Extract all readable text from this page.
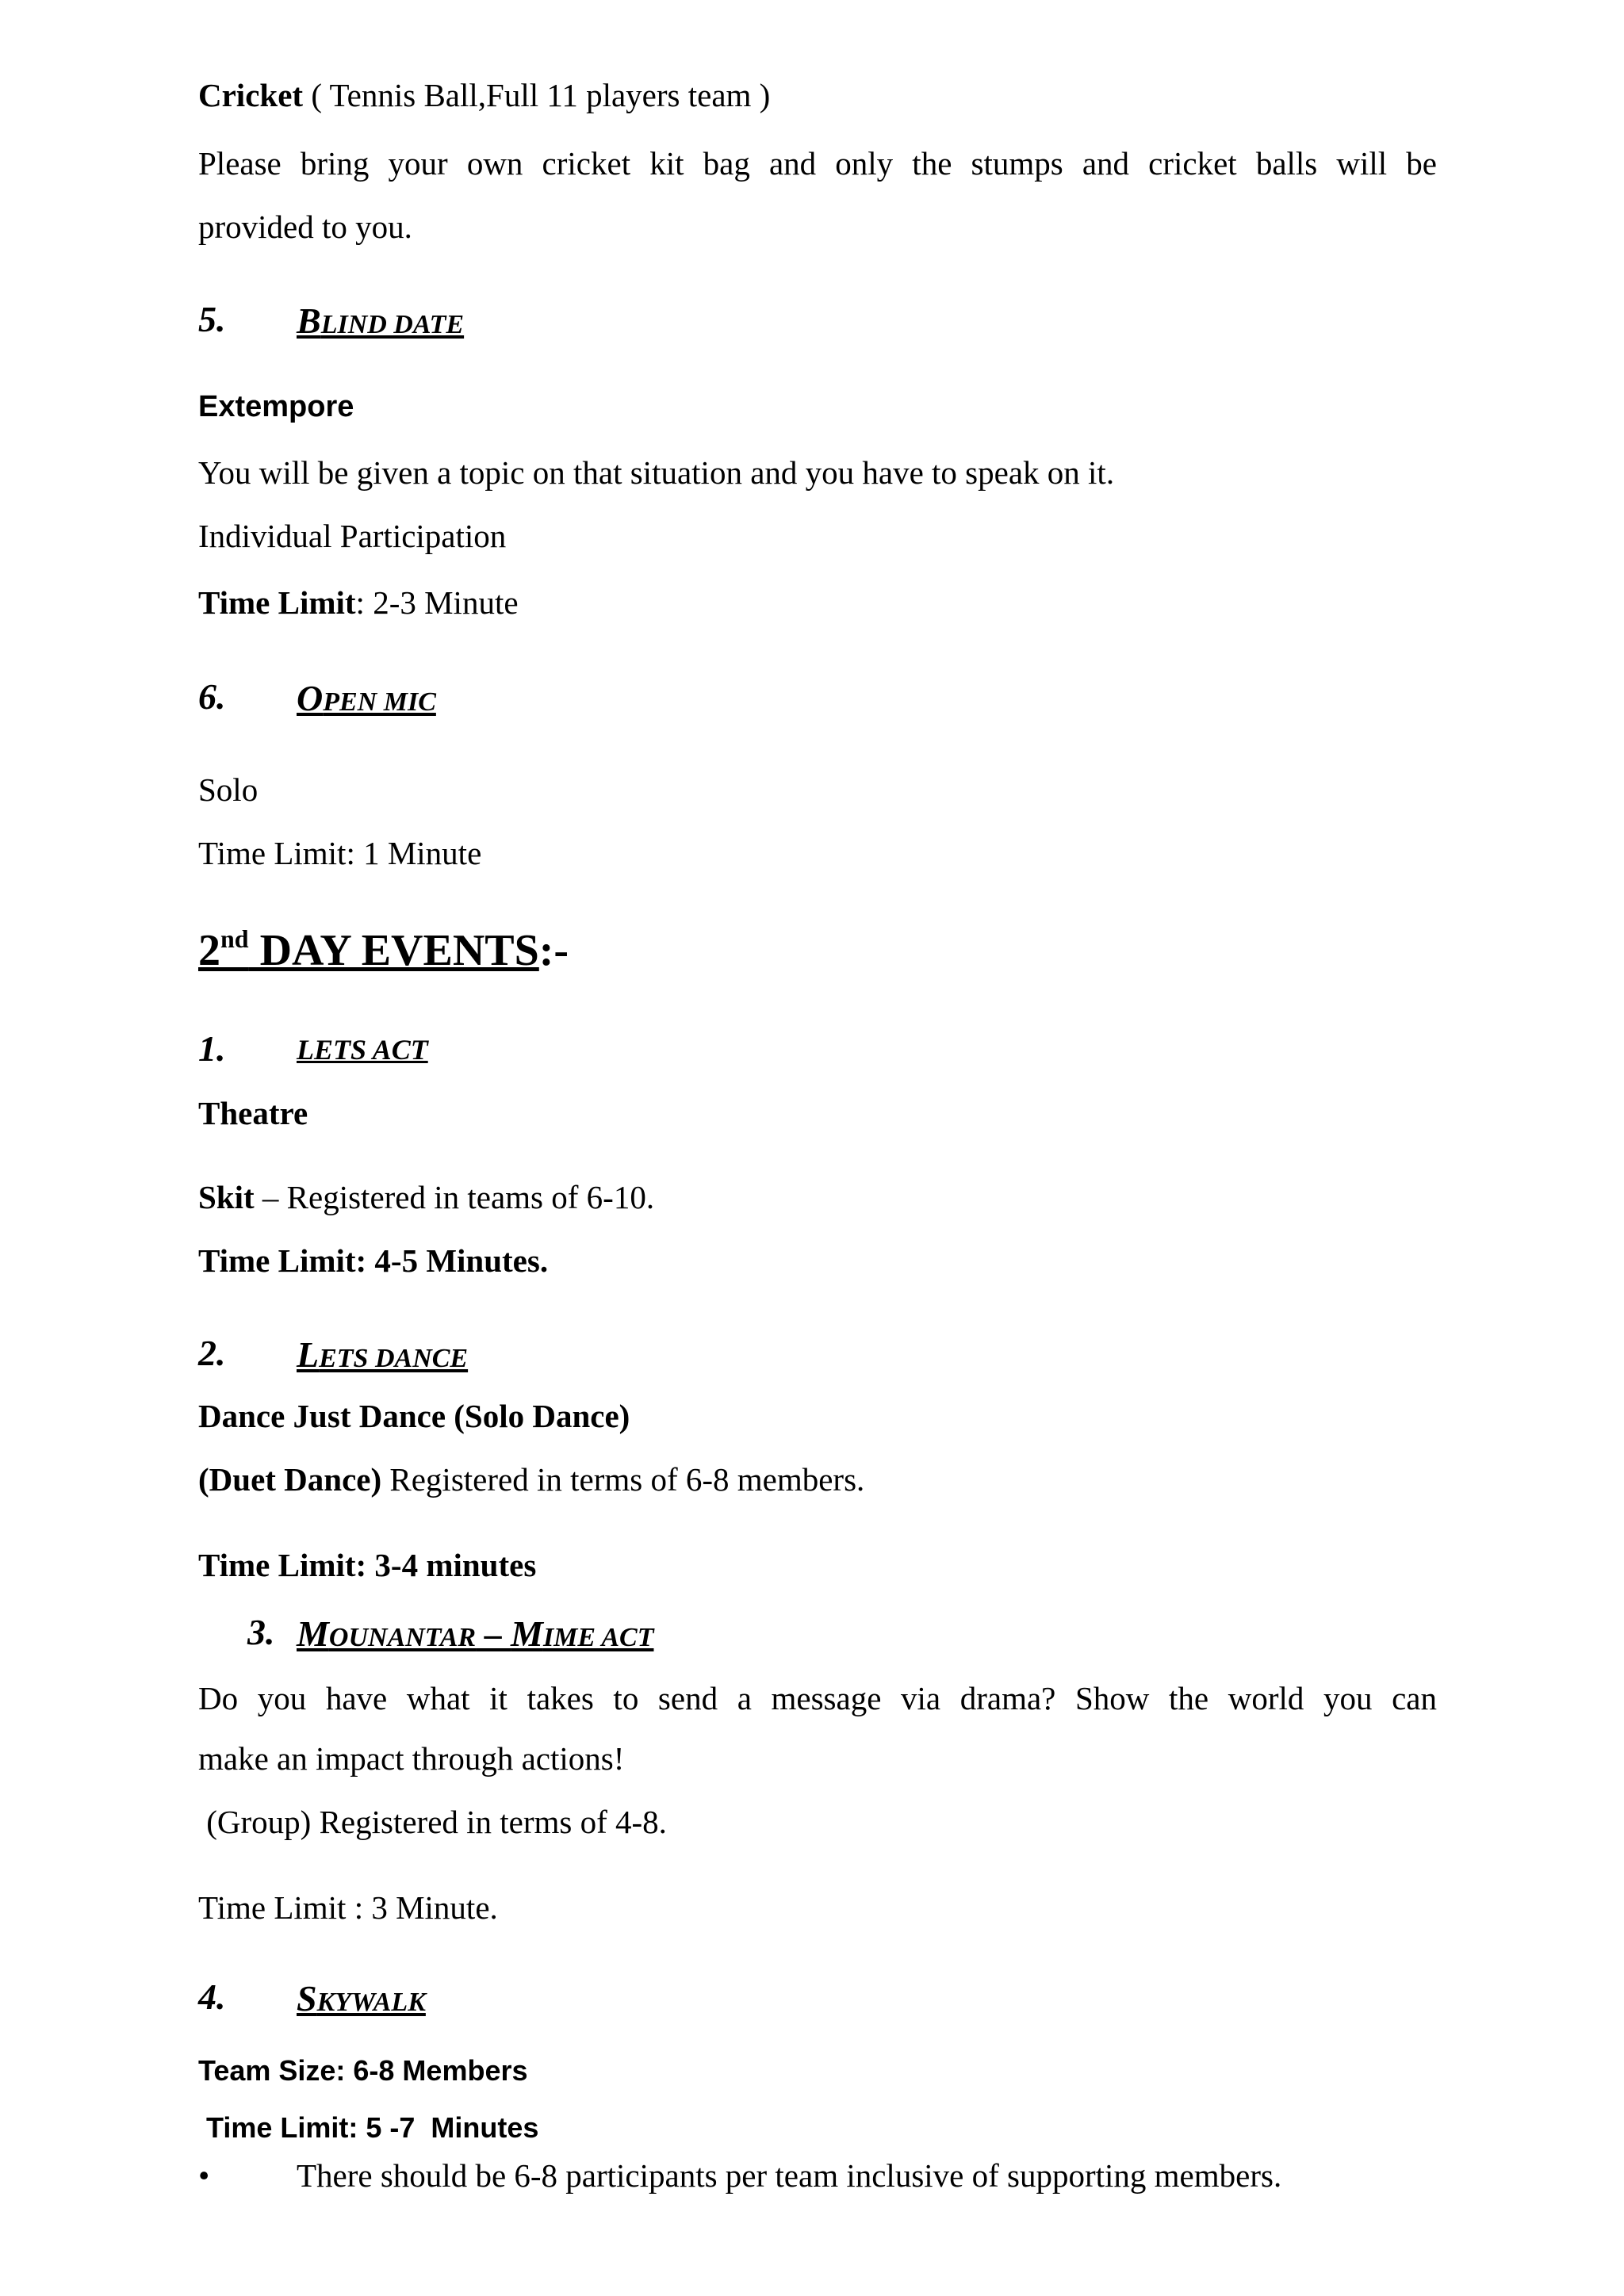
Cricket ( Tennis Ball,Full 11 players team )
Please bring your own cricket kit bag and only the stumps and cricket balls will be
provided to you.
5. BLIND DATE
Extempore
You will be given a topic on that situation and you have to speak on it.
Individual Participation
Time Limit: 2-3 Minute
6. OPEN MIC
Solo
Time Limit: 1 Minute
2nd DAY EVENTS:-
1. LETS ACT
Theatre
Skit – Registered in teams of 6-10.
Time Limit: 4-5 Minutes.
2. LETS DANCE
Dance Just Dance (Solo Dance)
(Duet Dance) Registered in terms of 6-8 members.
Time Limit: 3-4 minutes
3. MOUNANTAR – MIME ACT
Do you have what it takes to send a message via drama? Show the world you can
make an impact through actions!
(Group) Registered in terms of 4-8.
Time Limit : 3 Minute.
4. SKYWALK
Team Size: 6-8 Members
Time Limit: 5 -7  Minutes
•	There should be 6-8 participants per team inclusive of supporting members.
